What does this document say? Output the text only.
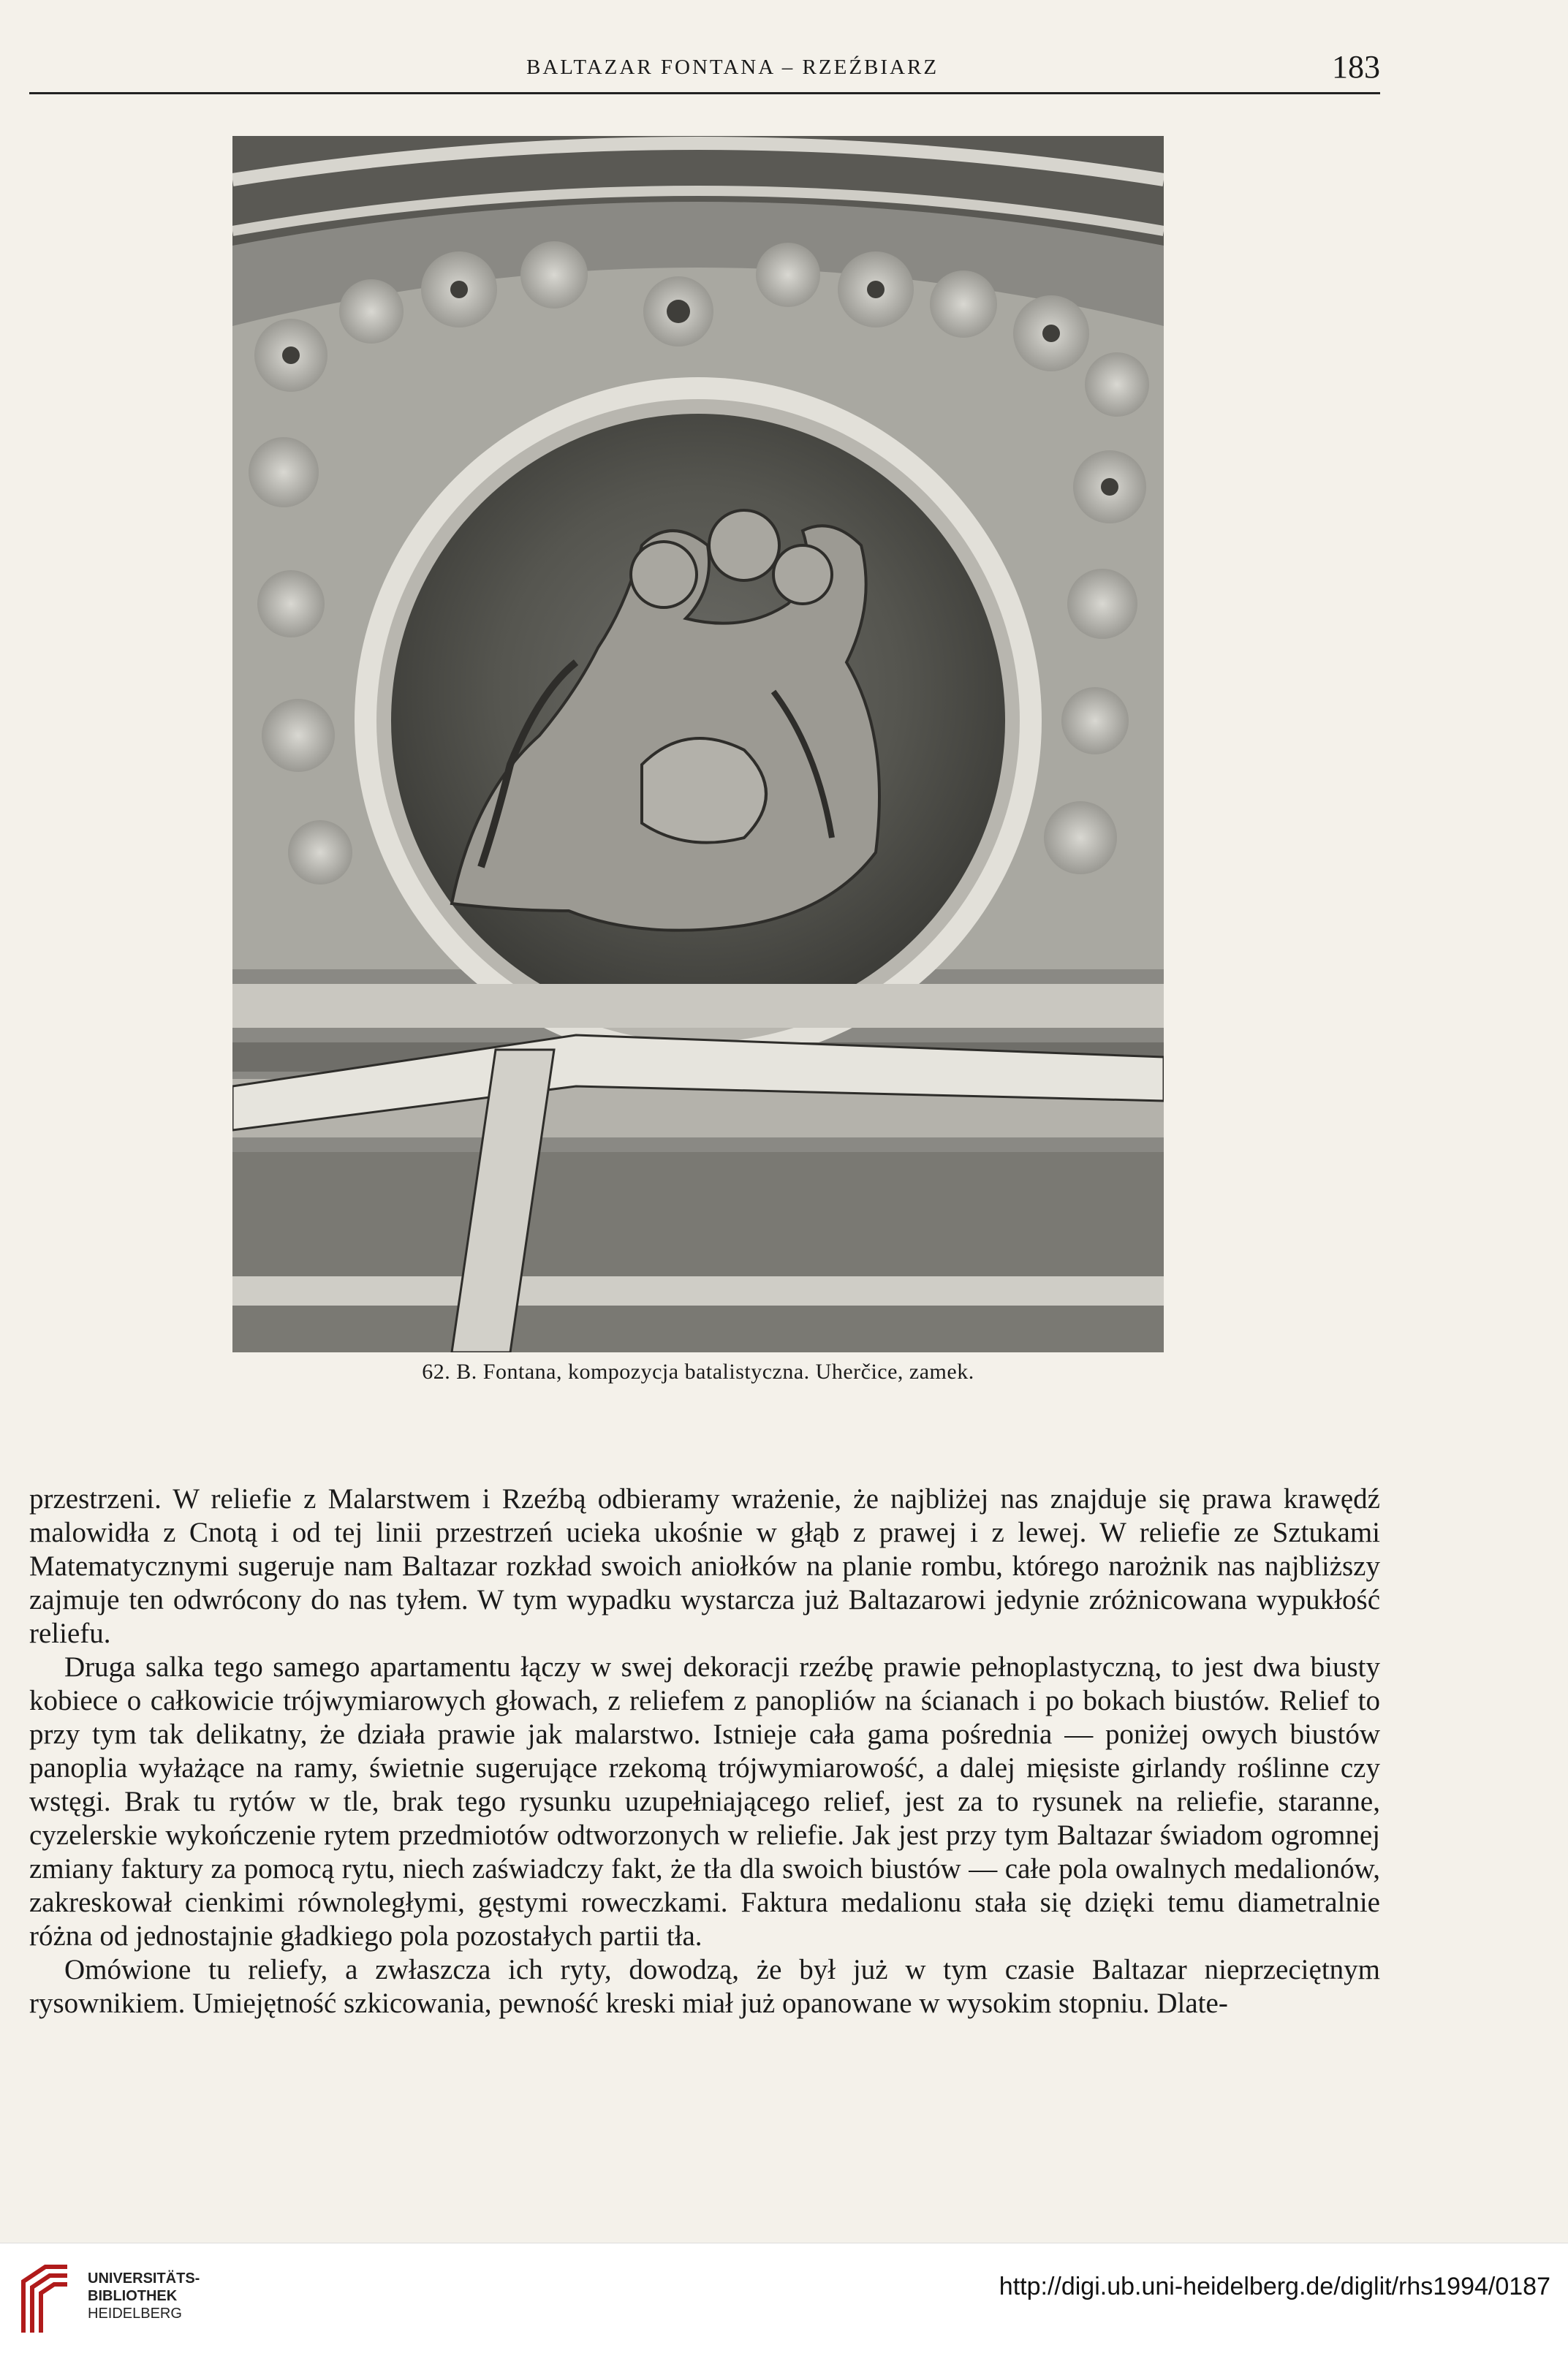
BALTAZAR FONTANA – RZEŹBIARZ	183
62. B. Fontana, kompozycja batalistyczna. Uherčice, zamek.

przestrzeni. W reliefie z Malarstwem i Rzeźbą odbieramy wrażenie, że najbliżej nas znajduje się prawa krawędź malowidła z Cnotą i od tej linii przestrzeń ucieka ukośnie w głąb z prawej i z lewej. W reliefie ze Sztukami Matematycznymi sugeruje nam Baltazar rozkład swoich aniołków na planie rombu, którego narożnik nas najbliższy zajmuje ten odwrócony do nas tyłem. W tym wypadku wystarcza już Baltazarowi jedynie zróżnicowana wypukłość reliefu.

Druga salka tego samego apartamentu łączy w swej dekoracji rzeźbę prawie pełnoplastyczną, to jest dwa biusty kobiece o całkowicie trójwymiarowych głowach, z reliefem z panopliów na ścianach i po bokach biustów. Relief to przy tym tak delikatny, że działa prawie jak malarstwo. Istnieje cała gama pośrednia — poniżej owych biustów panoplia wyłażące na ramy, świetnie sugerujące rzekomą trójwymiarowość, a dalej mięsiste girlandy roślinne czy wstęgi. Brak tu rytów w tle, brak tego rysunku uzupełniającego relief, jest za to rysunek na reliefie, staranne, cyzelerskie wykończenie rytem przedmiotów odtworzonych w reliefie. Jak jest przy tym Baltazar świadom ogromnej zmiany faktury za pomocą rytu, niech zaświadczy fakt, że tła dla swoich biustów — całe pola owalnych medalionów, zakreskował cienkimi równoległymi, gęstymi roweczkami. Faktura medalionu stała się dzięki temu diametralnie różna od jednostajnie gładkiego pola pozostałych partii tła.

Omówione tu reliefy, a zwłaszcza ich ryty, dowodzą, że był już w tym czasie Baltazar nieprzeciętnym rysownikiem. Umiejętność szkicowania, pewność kreski miał już opanowane w wysokim stopniu. Dlate-

UNIVERSITÄTS-
BIBLIOTHEK
HEIDELBERG
http://digi.ub.uni-heidelberg.de/diglit/rhs1994/0187
